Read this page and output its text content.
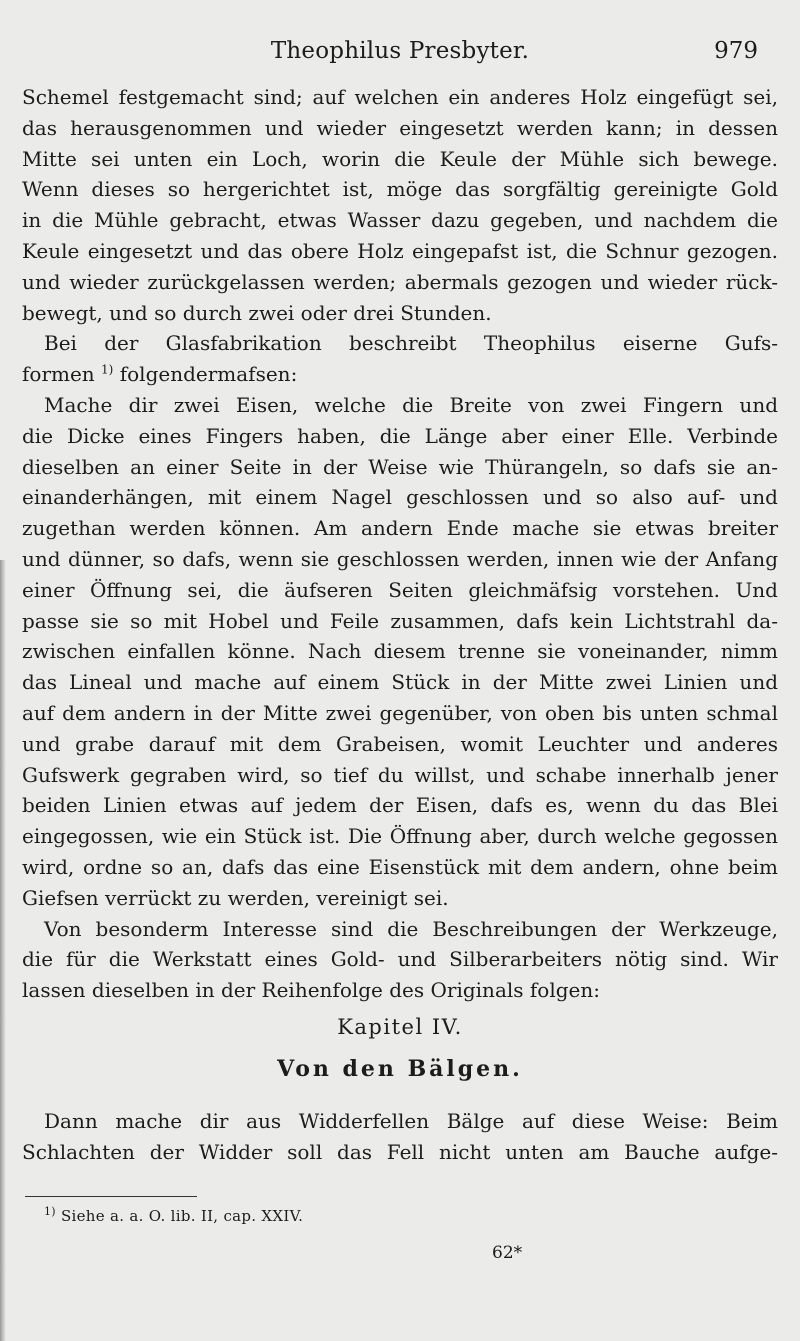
Theophilus Presbyter.	979
Schemel festgemacht sind; auf welchen ein anderes Holz eingefügt sei,
das herausgenommen und wieder eingesetzt werden kann; in dessen
Mitte sei unten ein Loch, worin die Keule der Mühle sich bewege.
Wenn dieses so hergerichtet ist, möge das sorgfältig gereinigte Gold
in die Mühle gebracht, etwas Wasser dazu gegeben, und nachdem die
Keule eingesetzt und das obere Holz eingepafst ist, die Schnur gezogen.
und wieder zurückgelassen werden; abermals gezogen und wieder rück-
bewegt, und so durch zwei oder drei Stunden.
Bei der Glasfabrikation beschreibt Theophilus eiserne Gufs-
formen $^{1)}$ folgendermafsen:
Mache dir zwei Eisen, welche die Breite von zwei Fingern und
die Dicke eines Fingers haben, die Länge aber einer Elle. Verbinde
dieselben an einer Seite in der Weise wie Thürangeln, so dafs sie an-
einanderhängen, mit einem Nagel geschlossen und so also auf- und
zugethan werden können. Am andern Ende mache sie etwas breiter
und dünner, so dafs, wenn sie geschlossen werden, innen wie der Anfang
einer Öffnung sei, die äufseren Seiten gleichmäfsig vorstehen. Und
passe sie so mit Hobel und Feile zusammen, dafs kein Lichtstrahl da-
zwischen einfallen könne. Nach diesem trenne sie voneinander, nimm
das Lineal und mache auf einem Stück in der Mitte zwei Linien und
auf dem andern in der Mitte zwei gegenüber, von oben bis unten schmal
und grabe darauf mit dem Grabeisen, womit Leuchter und anderes
Gufswerk gegraben wird, so tief du willst, und schabe innerhalb jener
beiden Linien etwas auf jedem der Eisen, dafs es, wenn du das Blei
eingegossen, wie ein Stück ist. Die Öffnung aber, durch welche gegossen
wird, ordne so an, dafs das eine Eisenstück mit dem andern, ohne beim
Giefsen verrückt zu werden, vereinigt sei.
Von besonderm Interesse sind die Beschreibungen der Werkzeuge,
die für die Werkstatt eines Gold- und Silberarbeiters nötig sind. Wir
lassen dieselben in der Reihenfolge des Originals folgen:
Kapitel IV.
Von den Bälgen.
Dann mache dir aus Widderfellen Bälge auf diese Weise: Beim
Schlachten der Widder soll das Fell nicht unten am Bauche aufge-
$^{1)}$ Siehe a. a. O. lib. II, cap. XXIV.
62*
